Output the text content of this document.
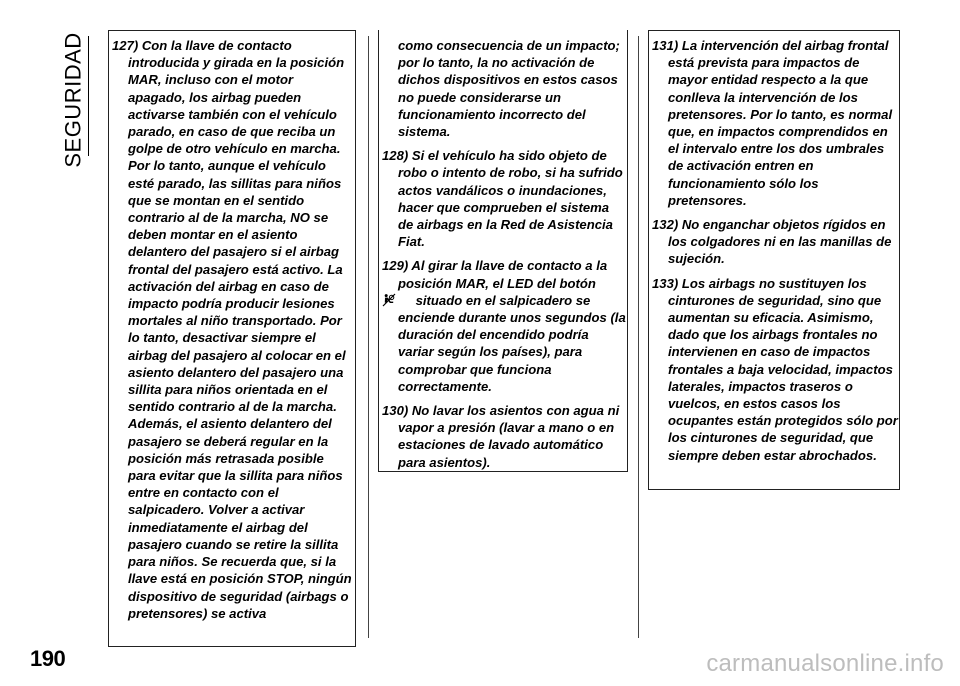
SEGURIDAD 127) Con la llave de contacto introducida y girada en la posición MAR, incluso con el motor apagado, los airbag pueden activarse también con el vehículo parado, en caso de que reciba un golpe de otro vehículo en marcha. Por lo tanto, aunque el vehículo esté parado, las sillitas para niños que se montan en el sentido contrario al de la marcha, NO se deben montar en el asiento delantero del pasajero si el airbag frontal del pasajero está activo. La activación del airbag en caso de impacto podría producir lesiones mortales al niño transportado. Por lo tanto, desactivar siempre el airbag del pasajero al colocar en el asiento delantero del pasajero una sillita para niños orientada en el sentido contrario al de la marcha. Además, el asiento delantero del pasajero se deberá regular en la posición más retrasada posible para evitar que la sillita para niños entre en contacto con el salpicadero. Volver a activar inmediatamente el airbag del pasajero cuando se retire la sillita para niños. Se recuerda que, si la llave está en posición STOP, ningún dispositivo de seguridad (airbags o pretensores) se activa

como consecuencia de un impacto; por lo tanto, la no activación de dichos dispositivos en estos casos no puede considerarse un funcionamiento incorrecto del sistema.

128) Si el vehículo ha sido objeto de robo o intento de robo, si ha sufrido actos vandálicos o inundaciones, hacer que comprueben el sistema de airbags en la Red de Asistencia Fiat.

129) Al girar la llave de contacto a la posición MAR, el LED del botón
situado en el salpicadero se enciende durante unos segundos (la duración del encendido podría variar según los países), para comprobar que funciona correctamente.

130) No lavar los asientos con agua ni vapor a presión (lavar a mano o en estaciones de lavado automático para asientos).

131) La intervención del airbag frontal está prevista para impactos de mayor entidad respecto a la que conlleva la intervención de los pretensores. Por lo tanto, es normal que, en impactos comprendidos en el intervalo entre los dos umbrales de activación entren en funcionamiento sólo los pretensores.

132) No enganchar objetos rígidos en los colgadores ni en las manillas de sujeción.

133) Los airbags no sustituyen los cinturones de seguridad, sino que aumentan su eficacia. Asimismo, dado que los airbags frontales no intervienen en caso de impactos frontales a baja velocidad, impactos laterales, impactos traseros o vuelcos, en estos casos los ocupantes están protegidos sólo por los cinturones de seguridad, que siempre deben estar abrochados.

190	carmanualsonline.info
